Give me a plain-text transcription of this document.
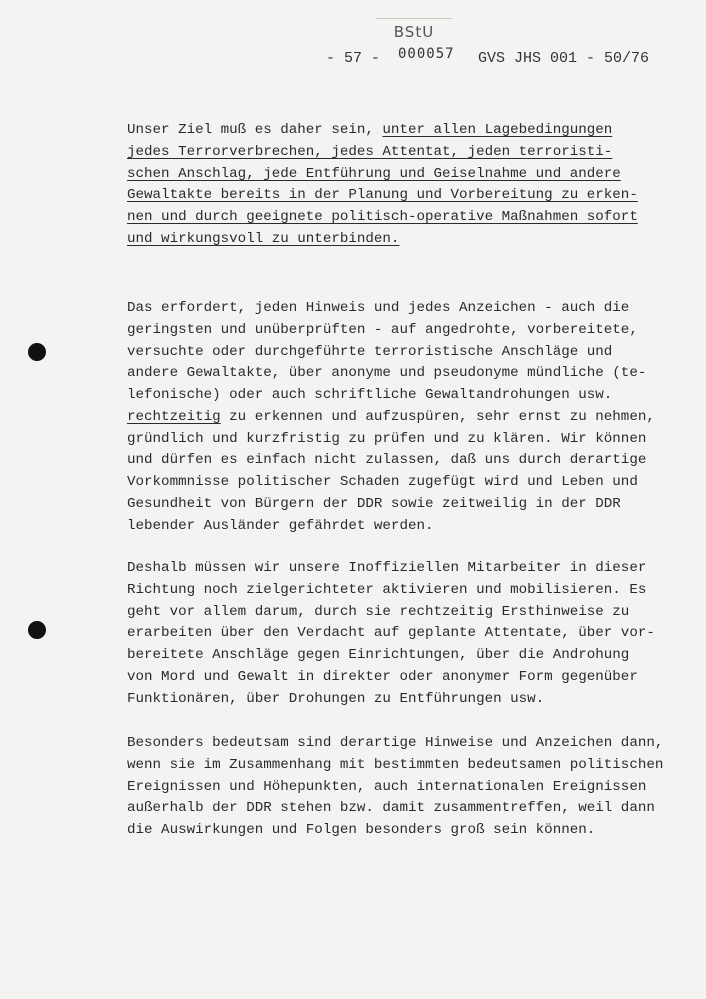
BStU
- 57 - 000057 GVS JHS 001 - 50/76
Unser Ziel muß es daher sein, unter allen Lagebedingungen
jedes Terrorverbrechen, jedes Attentat, jeden terroristi-
schen Anschlag, jede Entführung und Geiselnahme und andere
Gewaltakte bereits in der Planung und Vorbereitung zu erken-
nen und durch geeignete politisch-operative Maßnahmen sofort
und wirkungsvoll zu unterbinden.
Das erfordert, jeden Hinweis und jedes Anzeichen - auch die
geringsten und unüberprüften - auf angedrohte, vorbereitete,
versuchte oder durchgeführte terroristische Anschläge und
andere Gewaltakte, über anonyme und pseudonyme mündliche (te-
lefonische) oder auch schriftliche Gewaltandrohungen usw.
rechtzeitig zu erkennen und aufzuspüren, sehr ernst zu nehmen,
gründlich und kurzfristig zu prüfen und zu klären. Wir können
und dürfen es einfach nicht zulassen, daß uns durch derartige
Vorkommnisse politischer Schaden zugefügt wird und Leben und
Gesundheit von Bürgern der DDR sowie zeitweilig in der DDR
lebender Ausländer gefährdet werden.
Deshalb müssen wir unsere Inoffiziellen Mitarbeiter in dieser
Richtung noch zielgerichteter aktivieren und mobilisieren. Es
geht vor allem darum, durch sie rechtzeitig Ersthinweise zu
erarbeiten über den Verdacht auf geplante Attentate, über vor-
bereitete Anschläge gegen Einrichtungen, über die Androhung
von Mord und Gewalt in direkter oder anonymer Form gegenüber
Funktionären, über Drohungen zu Entführungen usw.
Besonders bedeutsam sind derartige Hinweise und Anzeichen dann,
wenn sie im Zusammenhang mit bestimmten bedeutsamen politischen
Ereignissen und Höhepunkten, auch internationalen Ereignissen
außerhalb der DDR stehen bzw. damit zusammentreffen, weil dann
die Auswirkungen und Folgen besonders groß sein können.
